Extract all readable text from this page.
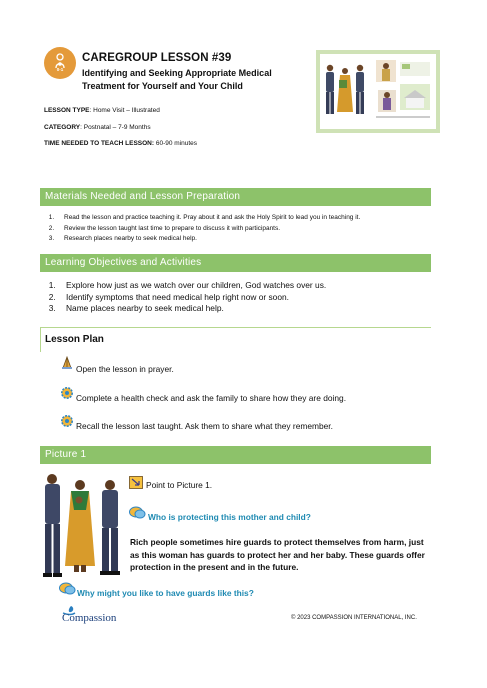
0-1
CAREGROUP LESSON #39
Identifying and Seeking Appropriate Medical Treatment for Yourself and Your Child
LESSON TYPE: Home Visit – Illustrated
CATEGORY: Postnatal – 7-9 Months
TIME NEEDED TO TEACH LESSON: 60-90 minutes
Materials Needed and Lesson Preparation
1. Read the lesson and practice teaching it. Pray about it and ask the Holy Spirit to lead you in teaching it.
2. Review the lesson taught last time to prepare to discuss it with participants.
3. Research places nearby to seek medical help.
Learning Objectives and Activities
1. Explore how just as we watch over our children, God watches over us.
2. Identify symptoms that need medical help right now or soon.
3. Name places nearby to seek medical help.
Lesson Plan
Open the lesson in prayer.
Complete a health check and ask the family to share how they are doing.
Recall the lesson last taught. Ask them to share what they remember.
Picture 1
Point to Picture 1.
Who is protecting this mother and child?
Rich people sometimes hire guards to protect themselves from harm, just as this woman has guards to protect her and her baby. These guards offer protection in the present and in the future.
Why might you like to have guards like this?
Compassion	© 2023 COMPASSION INTERNATIONAL, INC.
